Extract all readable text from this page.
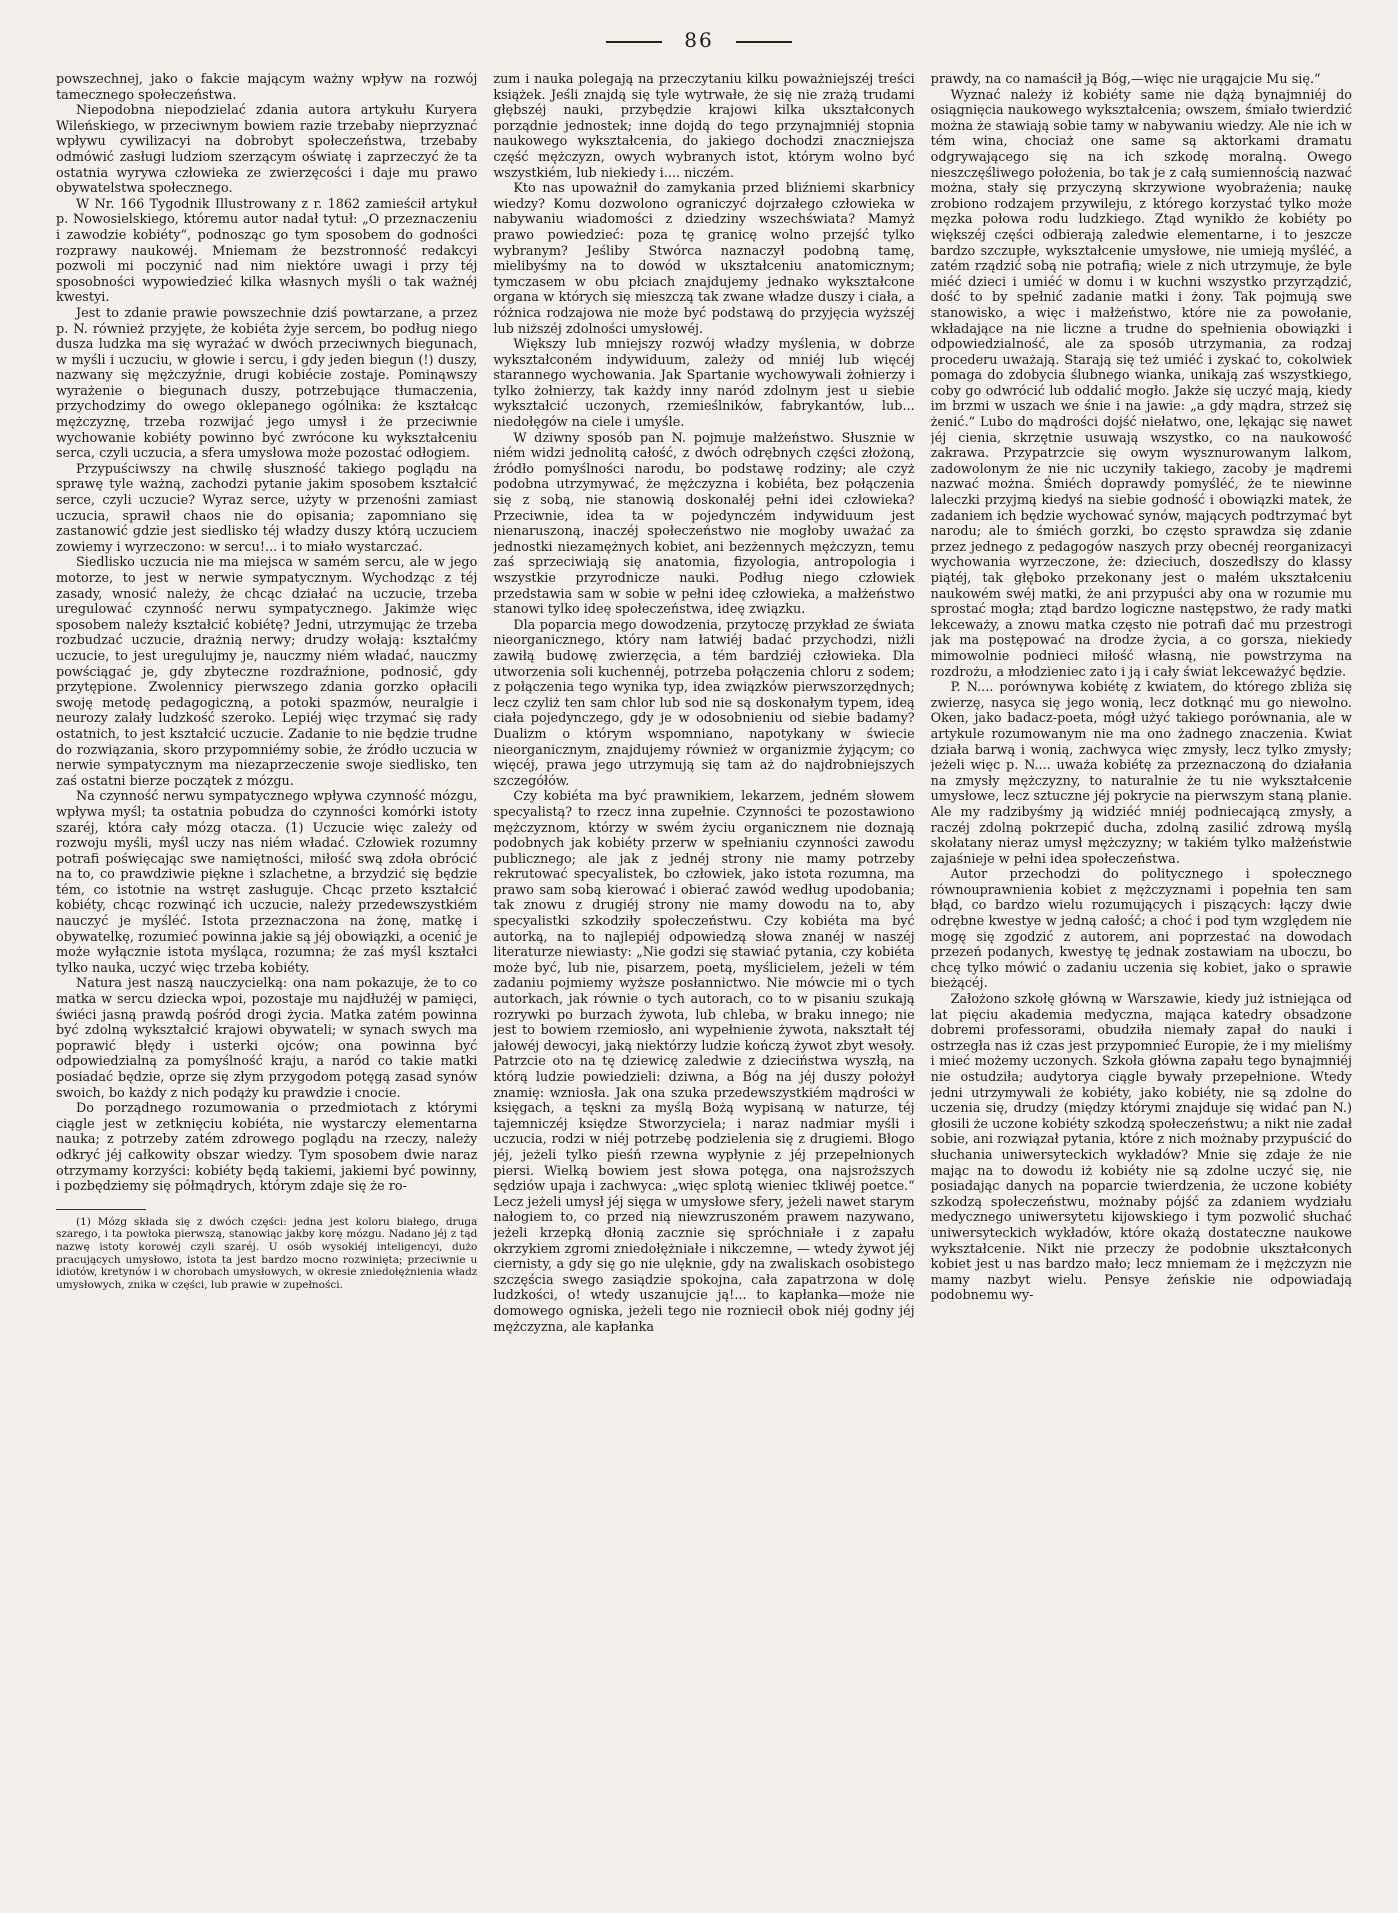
86

powszechnej, jako o fakcie mającym ważny wpływ na rozwój tamecznego społeczeństwa.

Niepodobna niepodzielać zdania autora artykułu Kuryera Wileńskiego, w przeciwnym bowiem razie trzebaby nieprzyznać wpływu cywilizacyi na dobrobyt społeczeństwa, trzebaby odmówić zasługi ludziom szerzącym oświatę i zaprzeczyć że ta ostatnia wyrywa człowieka ze zwierzęcości i daje mu prawo obywatelstwa społecznego.

W Nr. 166 Tygodnik Illustrowany z r. 1862 zamieścił artykuł p. Nowosielskiego, któremu autor nadał tytuł: „O przeznaczeniu i zawodzie kobiéty“, podnosząc go tym sposobem do godności rozprawy naukowéj. Mniemam że bezstronność redakcyi pozwoli mi poczynić nad nim niektóre uwagi i przy téj sposobności wypowiedzieć kilka własnych myśli o tak ważnéj kwestyi.

Jest to zdanie prawie powszechnie dziś powtarzane, a przez p. N. również przyjęte, że kobiéta żyje sercem, bo podług niego dusza ludzka ma się wyrażać w dwóch przeciwnych biegunach, w myśli i uczuciu, w głowie i sercu, i gdy jeden biegun (!) duszy, nazwany się mężczyźnie, drugi kobiécie zostaje. Pominąwszy wyrażenie o biegunach duszy, potrzebujące tłumaczenia, przychodzimy do owego oklepanego ogólnika: że kształcąc mężczyznę, trzeba rozwijać jego umysł i że przeciwnie wychowanie kobiéty powinno być zwrócone ku wykształceniu serca, czyli uczucia, a sfera umysłowa może pozostać odłogiem.

Przypuściwszy na chwilę słuszność takiego poglądu na sprawę tyle ważną, zachodzi pytanie jakim sposobem kształcić serce, czyli uczucie? Wyraz serce, użyty w przenośni zamiast uczucia, sprawił chaos nie do opisania; zapomniano się zastanowić gdzie jest siedlisko téj władzy duszy którą uczuciem zowiemy i wyrzeczono: w sercu!... i to miało wystarczać.

Siedlisko uczucia nie ma miejsca w samém sercu, ale w jego motorze, to jest w nerwie sympatycznym. Wychodząc z téj zasady, wnosić należy, że chcąc działać na uczucie, trzeba uregulować czynność nerwu sympatycznego. Jakimże więc sposobem należy kształcić kobiétę? Jedni, utrzymując że trzeba rozbudzać uczucie, drażnią nerwy; drudzy wołają: kształćmy uczucie, to jest uregulujmy je, nauczmy niém władać, nauczmy powściągać je, gdy zbyteczne rozdraźnione, podnosić, gdy przytępione. Zwolennicy pierwszego zdania gorzko opłacili swoję metodę pedagogiczną, a potoki spazmów, neuralgie i neurozy zalały ludzkość szeroko. Lepiéj więc trzymać się rady ostatnich, to jest kształcić uczucie. Zadanie to nie będzie trudne do rozwiązania, skoro przypomniémy sobie, że źródło uczucia w nerwie sympatycznym ma niezaprzeczenie swoje siedlisko, ten zaś ostatni bierze początek z mózgu.

Na czynność nerwu sympatycznego wpływa czynność mózgu, wpływa myśl; ta ostatnia pobudza do czynności komórki istoty szaréj, która cały mózg otacza. (1) Uczucie więc zależy od rozwoju myśli, myśl uczy nas niém władać. Człowiek rozumny potrafi poświęcając swe namiętności, miłość swą zdoła obrócić na to, co prawdziwie piękne i szlachetne, a brzydzić się będzie tém, co istotnie na wstręt zasługuje. Chcąc przeto kształcić kobiéty, chcąc rozwinąć ich uczucie, należy przedewszystkiém nauczyć je myśléć. Istota przeznaczona na żonę, matkę i obywatelkę, rozumieć powinna jakie są jéj obowiązki, a ocenić je może wyłącznie istota myśląca, rozumna; że zaś myśl kształci tylko nauka, uczyć więc trzeba kobiéty.

Natura jest naszą nauczycielką: ona nam pokazuje, że to co matka w sercu dziecka wpoi, pozostaje mu najdłużéj w pamięci, świéci jasną prawdą pośród drogi życia. Matka zatém powinna być zdolną wykształcić krajowi obywateli; w synach swych ma poprawić błędy i usterki ojców; ona powinna być odpowiedzialną za pomyślność kraju, a naród co takie matki posiadać będzie, oprze się złym przygodom potęgą zasad synów swoich, bo każdy z nich podąży ku prawdzie i cnocie.

Do porządnego rozumowania o przedmiotach z którymi ciągle jest w zetknięciu kobiéta, nie wystarczy elementarna nauka; z potrzeby zatém zdrowego poglądu na rzeczy, należy odkryć jéj całkowity obszar wiedzy. Tym sposobem dwie naraz otrzymamy korzyści: kobiéty będą takiemi, jakiemi być powinny, i pozbędziemy się półmądrych, którym zdaje się że ro-

(1) Mózg składa się z dwóch części: jedna jest koloru białego, druga szarego, i ta powłoka pierwszą, stanowiąc jakby korę mózgu. Nadano jéj z tąd nazwę istoty korowéj czyli szaréj. U osób wysokiéj inteligencyi, dużo pracujących umysłowo, istota ta jest bardzo mocno rozwinięta; przeciwnie u idiotów, kretynów i w chorobach umysłowych, w okresie zniedołężnienia władz umysłowych, znika w części, lub prawie w zupełności.

zum i nauka polegają na przeczytaniu kilku poważniejszéj treści książek. Jeśli znajdą się tyle wytrwałe, że się nie zrażą trudami głębszéj nauki, przybędzie krajowi kilka ukształconych porządnie jednostek; inne dojdą do tego przynajmniéj stopnia naukowego wykształcenia, do jakiego dochodzi znaczniejsza część mężczyzn, owych wybranych istot, którym wolno być wszystkiém, lub niekiedy i.... niczém.

Kto nas upoważnił do zamykania przed bliźniemi skarbnicy wiedzy? Komu dozwolono ograniczyć dojrzałego człowieka w nabywaniu wiadomości z dziedziny wszechświata? Mamyż prawo powiedzieć: poza tę granicę wolno przejść tylko wybranym? Jeśliby Stwórca naznaczył podobną tamę, mielibyśmy na to dowód w ukształceniu anatomicznym; tymczasem w obu płciach znajdujemy jednako wykształcone organa w których się mieszczą tak zwane władze duszy i ciała, a różnica rodzajowa nie może być podstawą do przyjęcia wyższéj lub niższéj zdolności umysłowéj.

Większy lub mniejszy rozwój władzy myślenia, w dobrze wykształconém indywiduum, zależy od mniéj lub więcéj starannego wychowania. Jak Spartanie wychowywali żołnierzy i tylko żołnierzy, tak każdy inny naród zdolnym jest u siebie wykształcić uczonych, rzemieślników, fabrykantów, lub... niedołęgów na ciele i umyśle.

W dziwny sposób pan N. pojmuje małżeństwo. Słusznie w niém widzi jednolitą całość, z dwóch odrębnych części złożoną, źródło pomyślności narodu, bo podstawę rodziny; ale czyż podobna utrzymywać, że mężczyzna i kobiéta, bez połączenia się z sobą, nie stanowią doskonałéj pełni idei człowieka? Przeciwnie, idea ta w pojedynczém indywiduum jest nienaruszoną, inaczéj społeczeństwo nie mogłoby uważać za jednostki niezamężnych kobiet, ani bezżennych mężczyzn, temu zaś sprzeciwiają się anatomia, fizyologia, antropologia i wszystkie przyrodnicze nauki. Podług niego człowiek przedstawia sam w sobie w pełni ideę człowieka, a małżeństwo stanowi tylko ideę społeczeństwa, ideę związku.

Dla poparcia mego dowodzenia, przytoczę przykład ze świata nieorganicznego, który nam łatwiéj badać przychodzi, niżli zawiłą budowę zwierzęcia, a tém bardziéj człowieka. Dla utworzenia soli kuchennéj, potrzeba połączenia chloru z sodem; z połączenia tego wynika typ, idea związków pierwszorzędnych; lecz czyliż ten sam chlor lub sod nie są doskonałym typem, ideą ciała pojedynczego, gdy je w odosobnieniu od siebie badamy? Dualizm o którym wspomniano, napotykany w świecie nieorganicznym, znajdujemy również w organizmie żyjącym; co więcéj, prawa jego utrzymują się tam aż do najdrobniejszych szczegółów.

Czy kobiéta ma być prawnikiem, lekarzem, jedném słowem specyalistą? to rzecz inna zupełnie. Czynności te pozostawiono mężczyznom, którzy w swém życiu organicznem nie doznają podobnych jak kobiéty przerw w spełnianiu czynności zawodu publicznego; ale jak z jednéj strony nie mamy potrzeby rekrutować specyalistek, bo człowiek, jako istota rozumna, ma prawo sam sobą kierować i obierać zawód według upodobania; tak znowu z drugiéj strony nie mamy dowodu na to, aby specyalistki szkodziły społeczeństwu. Czy kobiéta ma być autorką, na to najlepiéj odpowiedzą słowa znanéj w naszéj literaturze niewiasty: „Nie godzi się stawiać pytania, czy kobiéta może być, lub nie, pisarzem, poetą, myślicielem, jeżeli w tém zadaniu pojmiemy wyższe posłannictwo. Nie mówcie mi o tych autorkach, jak równie o tych autorach, co to w pisaniu szukają rozrywki po burzach żywota, lub chleba, w braku innego; nie jest to bowiem rzemiosło, ani wypełnienie żywota, nakształt téj jałowéj dewocyi, jaką niektórzy ludzie kończą żywot zbyt wesoły. Patrzcie oto na tę dziewicę zaledwie z dzieciństwa wyszłą, na którą ludzie powiedzieli: dziwna, a Bóg na jéj duszy położył znamię: wzniosła. Jak ona szuka przedewszystkiém mądrości w księgach, a tęskni za myślą Bożą wypisaną w naturze, téj tajemniczéj księdze Stworzyciela; i naraz nadmiar myśli i uczucia, rodzi w niéj potrzebę podzielenia się z drugiemi. Błogo jéj, jeżeli tylko pieśń rzewna wypłynie z jéj przepełnionych piersi. Wielką bowiem jest słowa potęga, ona najsroższych sędziów upaja i zachwyca: „więc splotą wieniec tkliwéj poetce.“ Lecz jeżeli umysł jéj sięga w umysłowe sfery, jeżeli nawet starym nałogiem to, co przed nią niewzruszoném prawem nazywano, jeżeli krzepką dłonią zacznie się spróchniałe i z zapału okrzykiem zgromi zniedołężniałe i nikczemne, — wtedy żywot jéj ciernisty, a gdy się go nie ulęknie, gdy na zwaliskach osobistego szczęścia swego zasiądzie spokojna, cała zapatrzona w dolę ludzkości, o! wtedy uszanujcie ją!... to kapłanka—może nie domowego ogniska, jeżeli tego nie rozniecił obok niéj godny jéj mężczyzna, ale kapłanka

prawdy, na co namaścił ją Bóg,—więc nie urągajcie Mu się.“

Wyznać należy iż kobiéty same nie dążą bynajmniéj do osiągnięcia naukowego wykształcenia; owszem, śmiało twierdzić można że stawiają sobie tamy w nabywaniu wiedzy. Ale nie ich w tém wina, chociaż one same są aktorkami dramatu odgrywającego się na ich szkodę moralną. Owego nieszczęśliwego położenia, bo tak je z całą sumiennością nazwać można, stały się przyczyną skrzywione wyobrażenia; naukę zrobiono rodzajem przywileju, z którego korzystać tylko może męzka połowa rodu ludzkiego. Ztąd wynikło że kobiéty po większéj części odbierają zaledwie elementarne, i to jeszcze bardzo szczupłe, wykształcenie umysłowe, nie umieją myśléć, a zatém rządzić sobą nie potrafią; wiele z nich utrzymuje, że byle miéć dzieci i umiéć w domu i w kuchni wszystko przyrządzić, dość to by spełnić zadanie matki i żony. Tak pojmują swe stanowisko, a więc i małżeństwo, które nie za powołanie, wkładające na nie liczne a trudne do spełnienia obowiązki i odpowiedzialność, ale za sposób utrzymania, za rodzaj procederu uważają. Starają się też umiéć i zyskać to, cokolwiek pomaga do zdobycia ślubnego wianka, unikają zaś wszystkiego, coby go odwrócić lub oddalić mogło. Jakże się uczyć mają, kiedy im brzmi w uszach we śnie i na jawie: „a gdy mądra, strzeż się żenić.“ Lubo do mądrości dojść niełatwo, one, lękając się nawet jéj cienia, skrzętnie usuwają wszystko, co na naukowość zakrawa. Przypatrzcie się owym wysznurowanym lalkom, zadowolonym że nie nic uczyniły takiego, zacoby je mądremi nazwać można. Śmiéch doprawdy pomyśléć, że te niewinne laleczki przyjmą kiedyś na siebie godność i obowiązki matek, że zadaniem ich będzie wychować synów, mających podtrzymać byt narodu; ale to śmiéch gorzki, bo często sprawdza się zdanie przez jednego z pedagogów naszych przy obecnéj reorganizacyi wychowania wyrzeczone, że: dzieciuch, doszedłszy do klassy piątéj, tak głęboko przekonany jest o małém ukształceniu naukowém swéj matki, że ani przypuści aby ona w rozumie mu sprostać mogła; ztąd bardzo logiczne następstwo, że rady matki lekceważy, a znowu matka często nie potrafi dać mu przestrogi jak ma postępować na drodze życia, a co gorsza, niekiedy mimowolnie podnieci miłość własną, nie powstrzyma na rozdrożu, a młodzieniec zato i ją i cały świat lekceważyć będzie.

P. N.... porównywa kobiétę z kwiatem, do którego zbliża się zwierzę, nasyca się jego wonią, lecz dotknąć mu go niewolno. Oken, jako badacz-poeta, mógł użyć takiego porównania, ale w artykule rozumowanym nie ma ono żadnego znaczenia. Kwiat działa barwą i wonią, zachwyca więc zmysły, lecz tylko zmysły; jeżeli więc p. N.... uważa kobiétę za przeznaczoną do działania na zmysły mężczyzny, to naturalnie że tu nie wykształcenie umysłowe, lecz sztuczne jéj pokrycie na pierwszym staną planie. Ale my radzibyśmy ją widziéć mniéj podniecającą zmysły, a raczéj zdolną pokrzepić ducha, zdolną zasilić zdrową myślą skołatany nieraz umysł mężczyzny; w takiém tylko małżeństwie zajaśnieje w pełni idea społeczeństwa.

Autor przechodzi do politycznego i społecznego równouprawnienia kobiet z mężczyznami i popełnia ten sam błąd, co bardzo wielu rozumujących i piszących: łączy dwie odrębne kwestye w jedną całość; a choć i pod tym względem nie mogę się zgodzić z autorem, ani poprzestać na dowodach przezeń podanych, kwestyę tę jednak zostawiam na uboczu, bo chcę tylko mówić o zadaniu uczenia się kobiet, jako o sprawie bieżącéj.

Założono szkołę główną w Warszawie, kiedy już istniejąca od lat pięciu akademia medyczna, mająca katedry obsadzone dobremi professorami, obudziła niemały zapał do nauki i ostrzegła nas iż czas jest przypomnieć Europie, że i my mieliśmy i mieć możemy uczonych. Szkoła główna zapału tego bynajmniéj nie ostudziła; audytorya ciągle bywały przepełnione. Wtedy jedni utrzymywali że kobiéty, jako kobiéty, nie są zdolne do uczenia się, drudzy (między którymi znajduje się widać pan N.) głosili że uczone kobiéty szkodzą społeczeństwu; a nikt nie zadał sobie, ani rozwiązał pytania, które z nich możnaby przypuścić do słuchania uniwersyteckich wykładów? Mnie się zdaje że nie mając na to dowodu iż kobiéty nie są zdolne uczyć się, nie posiadając danych na poparcie twierdzenia, że uczone kobiéty szkodzą społeczeństwu, możnaby pójść za zdaniem wydziału medycznego uniwersytetu kijowskiego i tym pozwolić słuchać uniwersyteckich wykładów, które okażą dostateczne naukowe wykształcenie. Nikt nie przeczy że podobnie ukształconych kobiet jest u nas bardzo mało; lecz mniemam że i mężczyzn nie mamy nazbyt wielu. Pensye żeńskie nie odpowiadają podobnemu wy-
